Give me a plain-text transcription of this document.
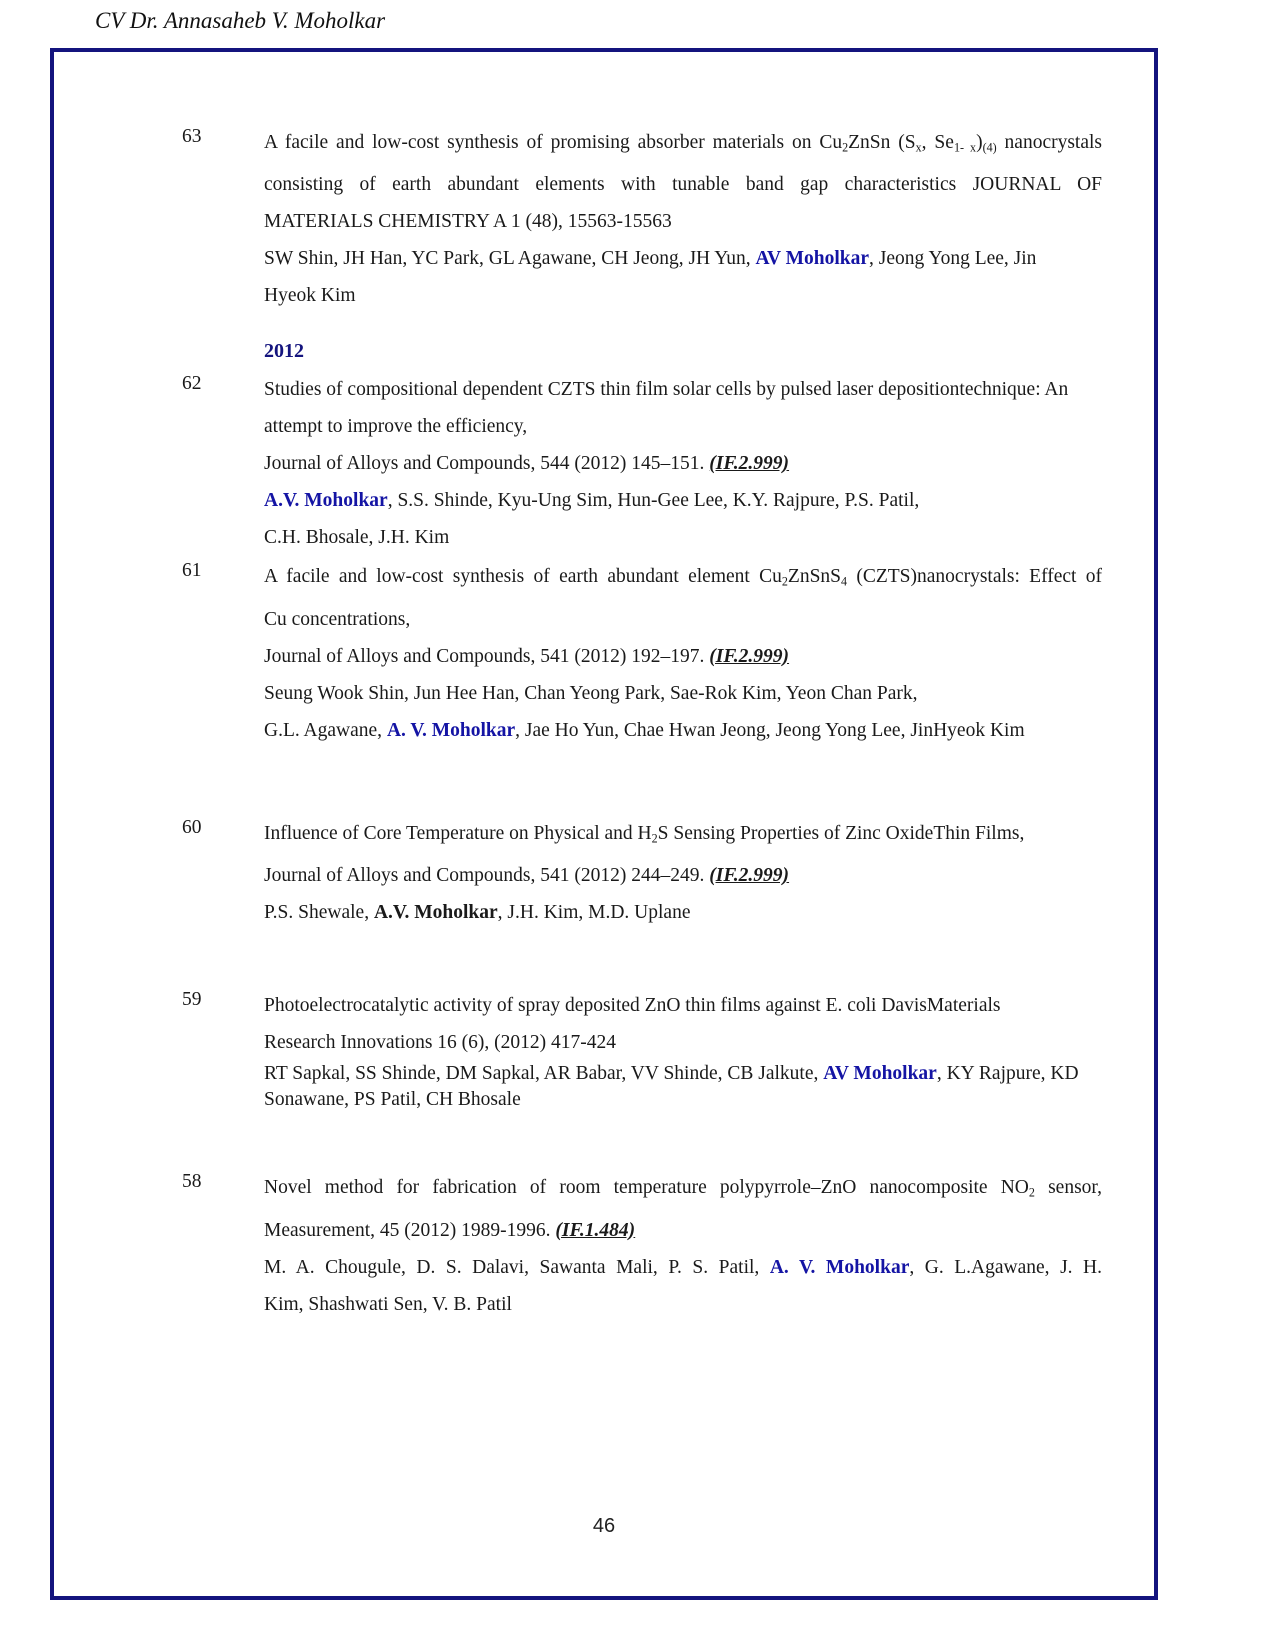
CV Dr. Annasaheb V. Moholkar
63	A facile and low-cost synthesis of promising absorber materials on $Cu_2ZnSn$ ($S_x$, $Se_{1- x})_{(4)}$ nanocrystals
consisting of earth abundant elements with tunable band gap characteristics JOURNAL OF
MATERIALS CHEMISTRY A 1 (48), 15563-15563
SW Shin, JH Han, YC Park, GL Agawane, CH Jeong, JH Yun, AV Moholkar, Jeong Yong Lee, Jin
Hyeok Kim
2012
62	Studies of compositional dependent CZTS thin film solar cells by pulsed laser depositiontechnique: An
attempt to improve the efficiency,
Journal of Alloys and Compounds, 544 (2012) 145–151. (IF.2.999)
A.V. Moholkar, S.S. Shinde, Kyu-Ung Sim, Hun-Gee Lee, K.Y. Rajpure, P.S. Patil,
C.H. Bhosale, J.H. Kim
61	A facile and low-cost synthesis of earth abundant element $Cu_2ZnSnS_4$ (CZTS)nanocrystals: Effect of
Cu concentrations,
Journal of Alloys and Compounds, 541 (2012) 192–197. (IF.2.999)
Seung Wook Shin, Jun Hee Han, Chan Yeong Park, Sae-Rok Kim, Yeon Chan Park,
G.L. Agawane, A. V. Moholkar, Jae Ho Yun, Chae Hwan Jeong, Jeong Yong Lee, JinHyeok Kim
60	Influence of Core Temperature on Physical and $H_2S$ Sensing Properties of Zinc OxideThin Films,
Journal of Alloys and Compounds, 541 (2012) 244–249. (IF.2.999)
P.S. Shewale, A.V. Moholkar, J.H. Kim, M.D. Uplane
59	Photoelectrocatalytic activity of spray deposited ZnO thin films against E. coli DavisMaterials
Research Innovations 16 (6), (2012) 417-424
RT Sapkal, SS Shinde, DM Sapkal, AR Babar, VV Shinde, CB Jalkute, AV Moholkar, KY Rajpure, KD
Sonawane, PS Patil, CH Bhosale
58	Novel method for fabrication of room temperature polypyrrole–ZnO nanocomposite $NO_2$ sensor,
Measurement, 45 (2012) 1989-1996. (IF.1.484)
M. A. Chougule, D. S. Dalavi, Sawanta Mali, P. S. Patil, A. V. Moholkar, G. L.Agawane, J. H.
Kim, Shashwati Sen, V. B. Patil
46
